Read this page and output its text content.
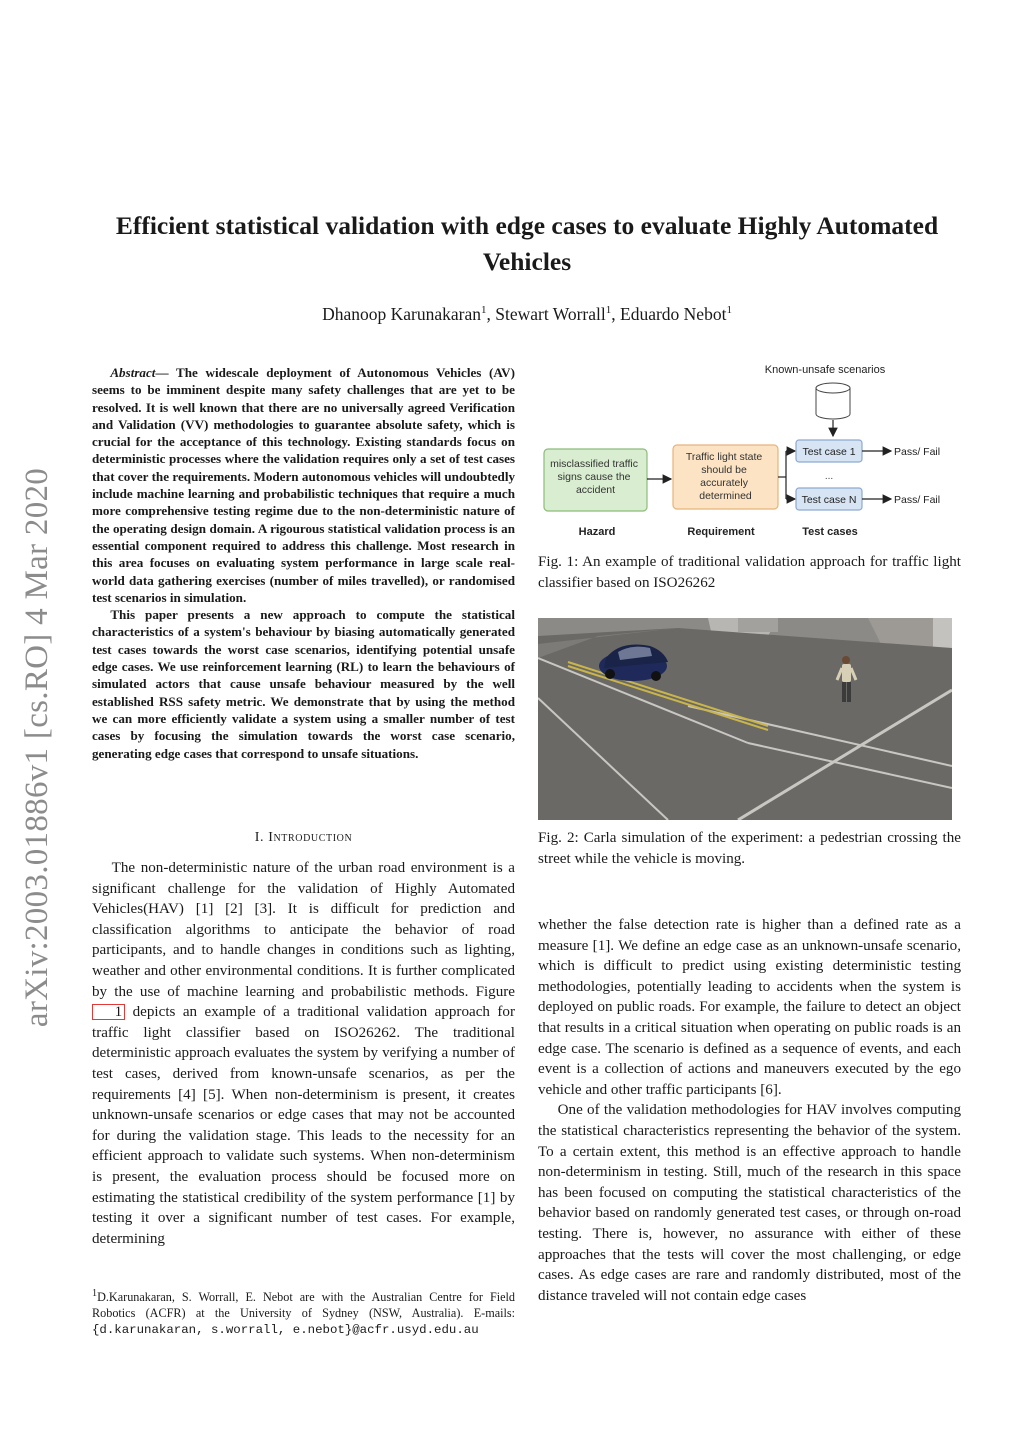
arXiv:2003.01886v1 [cs.RO] 4 Mar 2020
Efficient statistical validation with edge cases to evaluate Highly Automated Vehicles
Dhanoop Karunakaran$^1$, Stewart Worrall$^1$, Eduardo Nebot$^1$

Abstract— The widescale deployment of Autonomous Vehicles (AV) seems to be imminent despite many safety challenges that are yet to be resolved. It is well known that there are no universally agreed Verification and Validation (VV) methodologies to guarantee absolute safety, which is crucial for the acceptance of this technology. Existing standards focus on deterministic processes where the validation requires only a set of test cases that cover the requirements. Modern autonomous vehicles will undoubtedly include machine learning and probabilistic techniques that require a much more comprehensive testing regime due to the non-deterministic nature of the operating design domain. A rigourous statistical validation process is an essential component required to address this challenge. Most research in this area focuses on evaluating system performance in large scale real-world data gathering exercises (number of miles travelled), or randomised test scenarios in simulation.

This paper presents a new approach to compute the statistical characteristics of a system's behaviour by biasing automatically generated test cases towards the worst case scenarios, identifying potential unsafe edge cases. We use reinforcement learning (RL) to learn the behaviours of simulated actors that cause unsafe behaviour measured by the well established RSS safety metric. We demonstrate that by using the method we can more efficiently validate a system using a smaller number of test cases by focusing the simulation towards the worst case scenario, generating edge cases that correspond to unsafe situations.

I. Introduction

The non-deterministic nature of the urban road environment is a significant challenge for the validation of Highly Automated Vehicles(HAV) [1] [2] [3]. It is difficult for prediction and classification algorithms to anticipate the behavior of road participants, and to handle changes in conditions such as lighting, weather and other environmental conditions. It is further complicated by the use of machine learning and probabilistic methods. Figure 1 depicts an example of a traditional validation approach for traffic light classifier based on ISO26262. The traditional deterministic approach evaluates the system by verifying a number of test cases, derived from known-unsafe scenarios, as per the requirements [4] [5]. When non-determinism is present, it creates unknown-unsafe scenarios or edge cases that may not be accounted for during the validation stage. This leads to the necessity for an efficient approach to validate such systems. When non-determinism is present, the evaluation process should be focused more on estimating the statistical credibility of the system performance [1] by testing it over a significant number of test cases. For example, determining

$^1$D.Karunakaran, S. Worrall, E. Nebot are with the Australian Centre for Field Robotics (ACFR) at the University of Sydney (NSW, Australia). E-mails: {d.karunakaran, s.worrall, e.nebot}@acfr.usyd.edu.au
Known-unsafe scenarios
misclassified traffic signs cause the accident
Traffic light state should be accurately determined
Test case 1
...
Test case N
Pass/ Fail
Pass/ Fail
Hazard	Requirement	Test cases
Fig. 1: An example of traditional validation approach for traffic light classifier based on ISO26262
Fig. 2: Carla simulation of the experiment: a pedestrian crossing the street while the vehicle is moving.

whether the false detection rate is higher than a defined rate as a measure [1]. We define an edge case as an unknown-unsafe scenario, which is difficult to predict using existing deterministic testing methodologies, potentially leading to accidents when the system is deployed on public roads. For example, the failure to detect an object that results in a critical situation when operating on public roads is an edge case. The scenario is defined as a sequence of events, and each event is a collection of actions and maneuvers executed by the ego vehicle and other traffic participants [6].

One of the validation methodologies for HAV involves computing the statistical characteristics representing the behavior of the system. To a certain extent, this method is an effective approach to handle non-determinism in testing. Still, much of the research in this space has been focused on computing the statistical characteristics of the behavior based on randomly generated test cases, or through on-road testing. There is, however, no assurance with either of these approaches that the tests will cover the most challenging, or edge cases. As edge cases are rare and randomly distributed, most of the distance traveled will not contain edge cases
